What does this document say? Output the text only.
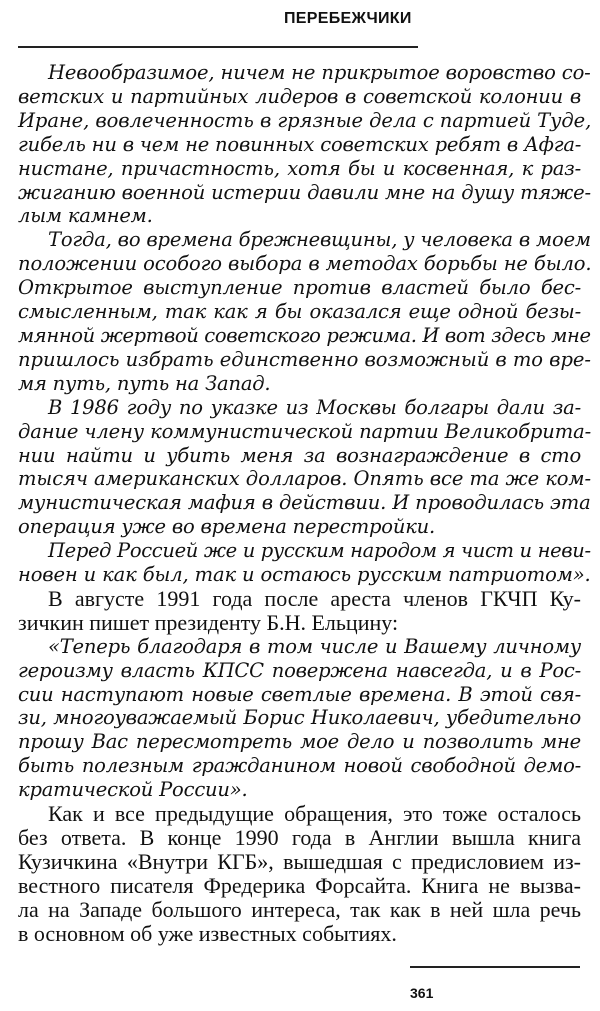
ПЕРЕБЕЖЧИКИ
Невообразимое, ничем не прикрытое воровство со-
ветских и партийных лидеров в советской колонии в
Иране, вовлеченность в грязные дела с партией Туде,
гибель ни в чем не повинных советских ребят в Афга-
нистане, причастность, хотя бы и косвенная, к раз-
жиганию военной истерии давили мне на душу тяже-
лым камнем.
Тогда, во времена брежневщины, у человека в моем
положении особого выбора в методах борьбы не было.
Открытое выступление против властей было бес-
смысленным, так как я бы оказался еще одной безы-
мянной жертвой советского режима. И вот здесь мне
пришлось избрать единственно возможный в то вре-
мя путь, путь на Запад.
В 1986 году по указке из Москвы болгары дали за-
дание члену коммунистической партии Великобрита-
нии найти и убить меня за вознаграждение в сто
тысяч американских долларов. Опять все та же ком-
мунистическая мафия в действии. И проводилась эта
операция уже во времена перестройки.
Перед Россией же и русским народом я чист и неви-
новен и как был, так и остаюсь русским патриотом».
В августе 1991 года после ареста членов ГКЧП Ку-
зичкин пишет президенту Б.Н. Ельцину:
«Теперь благодаря в том числе и Вашему личному
героизму власть КПСС повержена навсегда, и в Рос-
сии наступают новые светлые времена. В этой свя-
зи, многоуважаемый Борис Николаевич, убедительно
прошу Вас пересмотреть мое дело и позволить мне
быть полезным гражданином новой свободной демо-
кратической России».
Как и все предыдущие обращения, это тоже осталось
без ответа. В конце 1990 года в Англии вышла книга
Кузичкина «Внутри КГБ», вышедшая с предисловием из-
вестного писателя Фредерика Форсайта. Книга не вызва-
ла на Западе большого интереса, так как в ней шла речь
в основном об уже известных событиях.
361
